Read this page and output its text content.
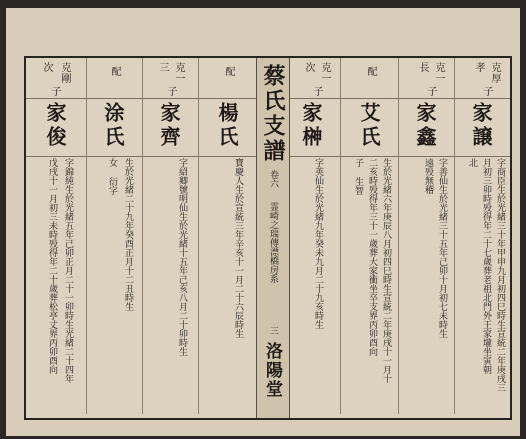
蔡氏支譜
卷六
霊崎之瑞傳漂橋房系
三
洛陽堂
孝 克厚
子
家譲
字商臣生於光緒三十年甲申九月初四巳時生宣統二年庚戌三
月初三卯時殁得年二十七歲葬老祖北門外王家壠坐寅朝
北
長 克一
子
家鑫
字善仙生於光緒三十五年己卯十月初七未時生
遠殁無稽
配
艾氏
生於光緒六年庚辰八月初四巳時生宣統二年庚戌十一月十
二亥時殁得年三十一歲葬大家衝坐卒支界丙卯酉向
子 生智
次 克一
子
家榊
字英仙生於光緒九年癸未九月二十九亥時生
配
楊氏
寶慶人生於宣統三年辛亥十一月二十六辰時生
三 克一
子
家齊
字紹卿號明仙生於光緒十五年己亥八月二十卯時生
配
涂氏
生於光緒二十九年癸酉正月十二丑時生
女 衍字
次 克剛
子
家俊
字錦純生於光緒五年己卯正月二十一卯時生光緒二十四年
戊戌十一月初三未時殁得年二十歲葬松亭丈界丙卯酉向
